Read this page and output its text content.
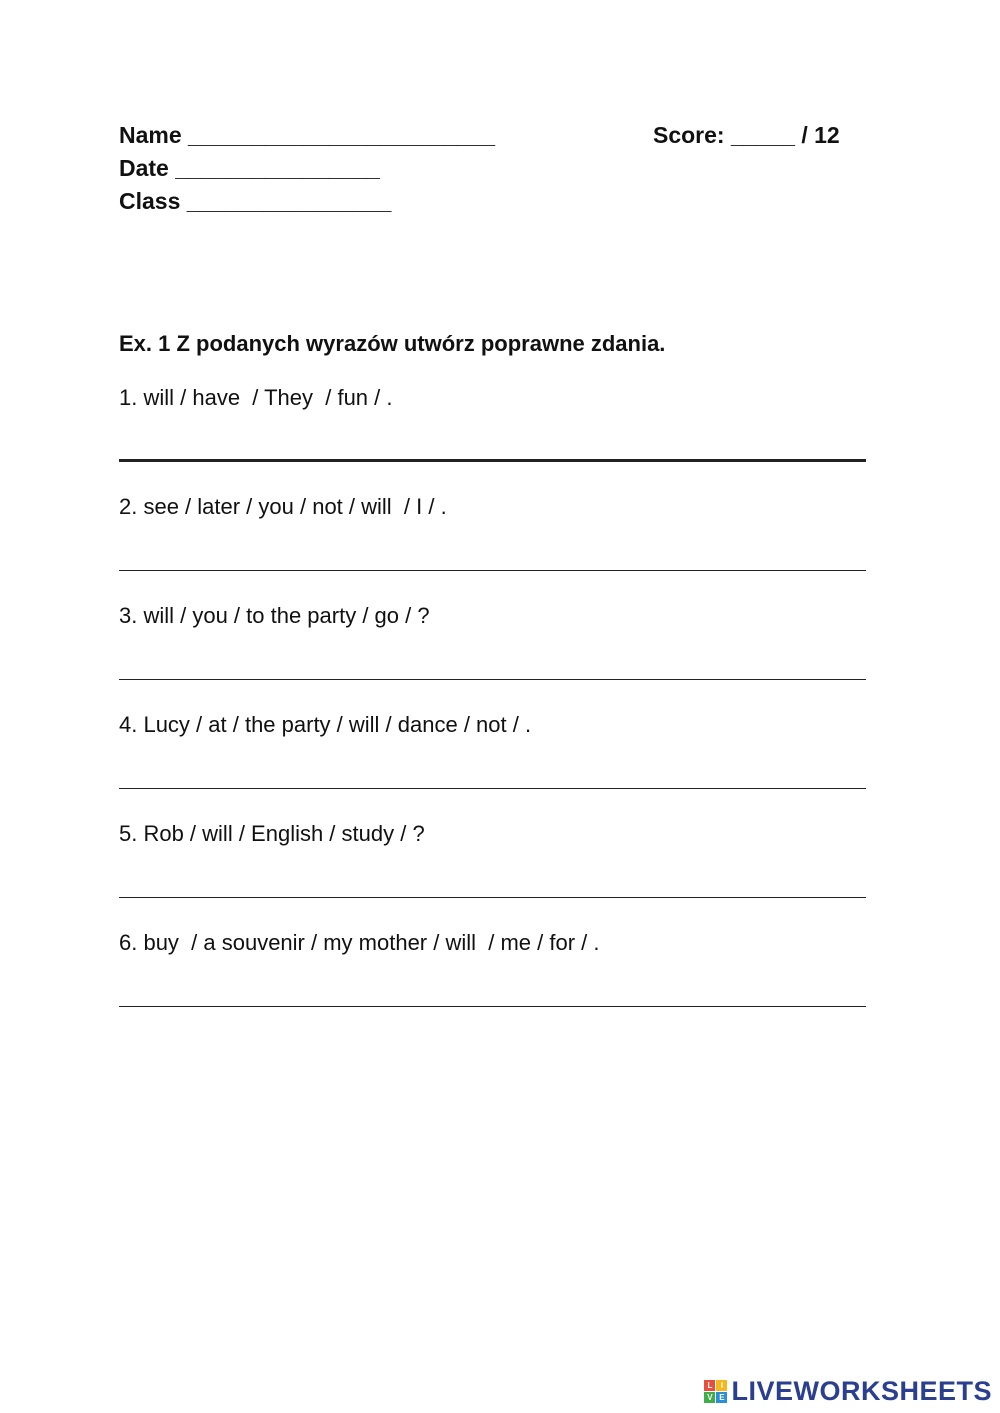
Name ________________________
Date ________________
Class ________________
Score: _____ / 12
Ex. 1 Z podanych wyrazów utwórz poprawne zdania.
1. will / have  / They  / fun / .
2. see / later / you / not / will  / I / .
3. will / you / to the party / go / ?
4. Lucy / at / the party / will / dance / not / .
5. Rob / will / English / study / ?
6. buy  / a souvenir / my mother / will  / me / for / .
L	I
V E LIVEWORKSHEETS
